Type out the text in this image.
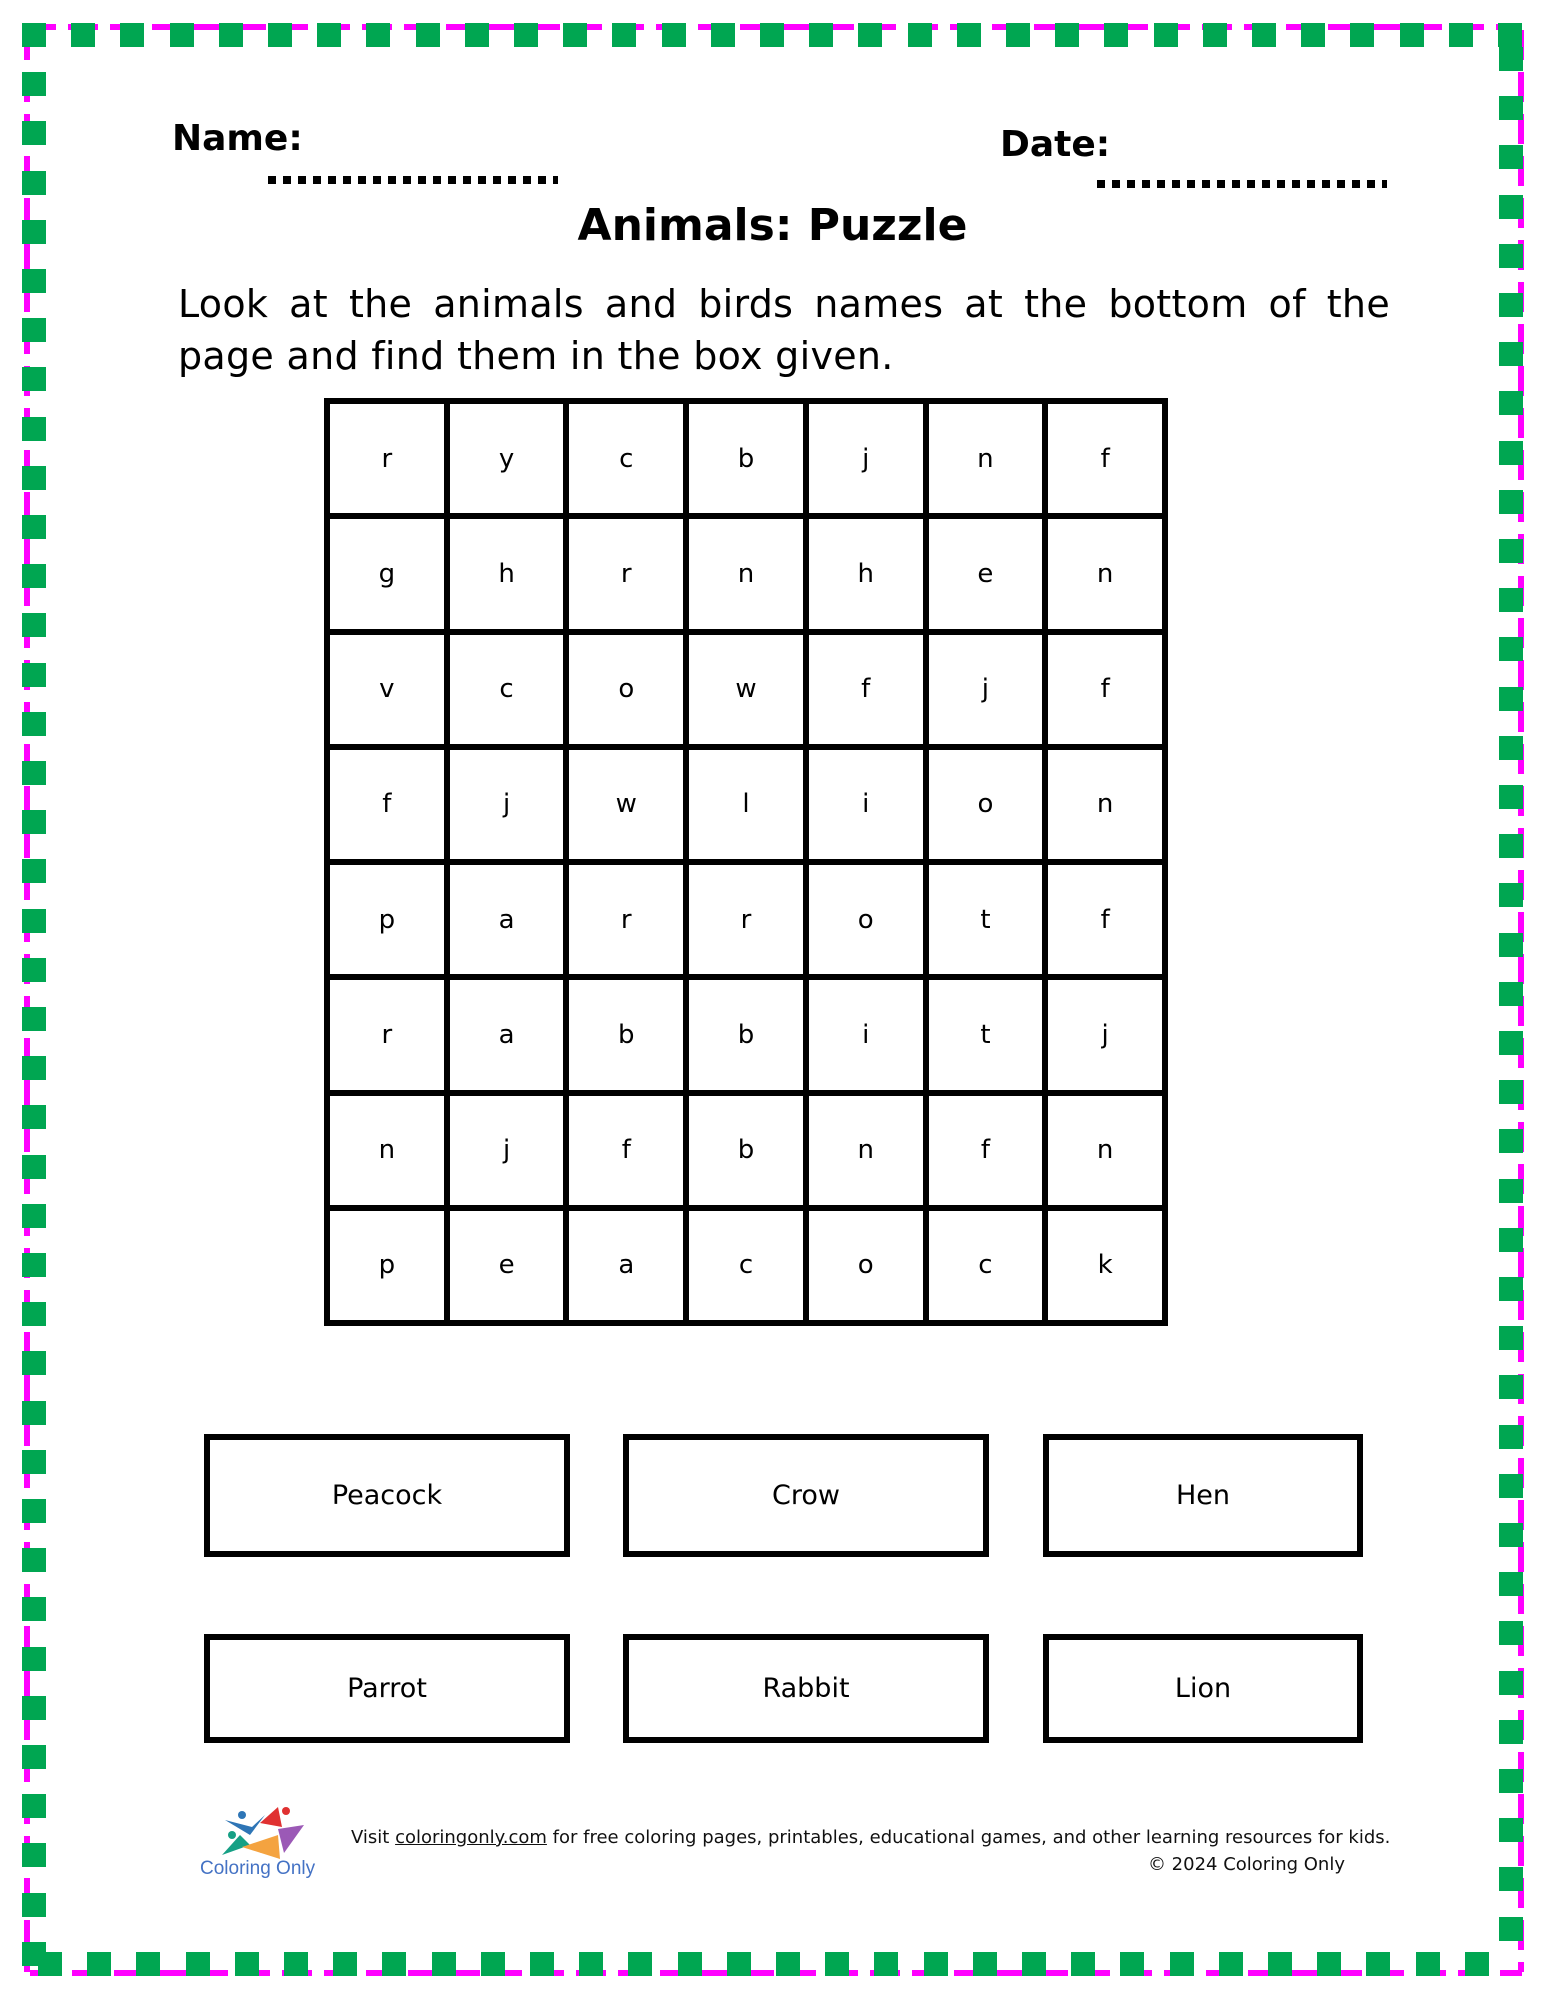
Name:	Date:
Animals: Puzzle
Look at the animals and birds names at the bottom of the page and find them in the box given.
r	y	c	b	j	n	f
g	h	r	n	h	e	n
v	c	o	w	f	j	f
f	j	w	l	i	o	n
p	a	r	r	o	t	f
r	a	b	b	i	t	j
n	j	f	b	n	f	n
p	e	a	c	o	c	k
Peacock	Crow	Hen
Parrot	Rabbit	Lion
Coloring Only
Visit coloringonly.com for free coloring pages, printables, educational games, and other learning resources for kids.
© 2024 Coloring Only
